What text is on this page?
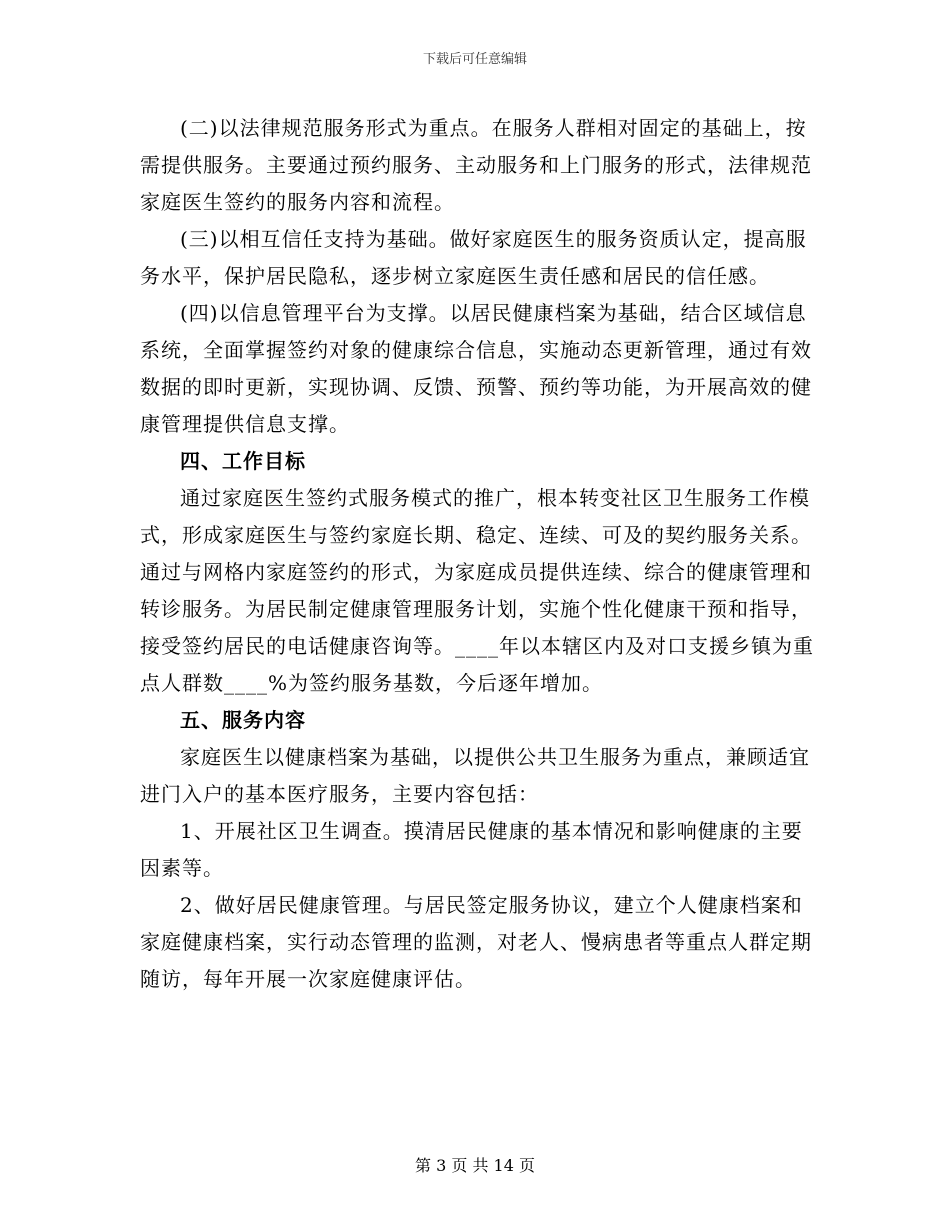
下载后可任意编辑

(二)以法律规范服务形式为重点。在服务人群相对固定的基础上，按需提供服务。主要通过预约服务、主动服务和上门服务的形式，法律规范家庭医生签约的服务内容和流程。

(三)以相互信任支持为基础。做好家庭医生的服务资质认定，提高服务水平，保护居民隐私，逐步树立家庭医生责任感和居民的信任感。

(四)以信息管理平台为支撑。以居民健康档案为基础，结合区域信息系统，全面掌握签约对象的健康综合信息，实施动态更新管理，通过有效数据的即时更新，实现协调、反馈、预警、预约等功能，为开展高效的健康管理提供信息支撑。

四、工作目标

通过家庭医生签约式服务模式的推广，根本转变社区卫生服务工作模式，形成家庭医生与签约家庭长期、稳定、连续、可及的契约服务关系。通过与网格内家庭签约的形式，为家庭成员提供连续、综合的健康管理和转诊服务。为居民制定健康管理服务计划，实施个性化健康干预和指导，接受签约居民的电话健康咨询等。____年以本辖区内及对口支援乡镇为重点人群数____%为签约服务基数，今后逐年增加。

五、服务内容

家庭医生以健康档案为基础，以提供公共卫生服务为重点，兼顾适宜进门入户的基本医疗服务，主要内容包括：

1、开展社区卫生调查。摸清居民健康的基本情况和影响健康的主要因素等。

2、做好居民健康管理。与居民签定服务协议，建立个人健康档案和家庭健康档案，实行动态管理的监测，对老人、慢病患者等重点人群定期随访，每年开展一次家庭健康评估。

第 3 页 共 14 页
